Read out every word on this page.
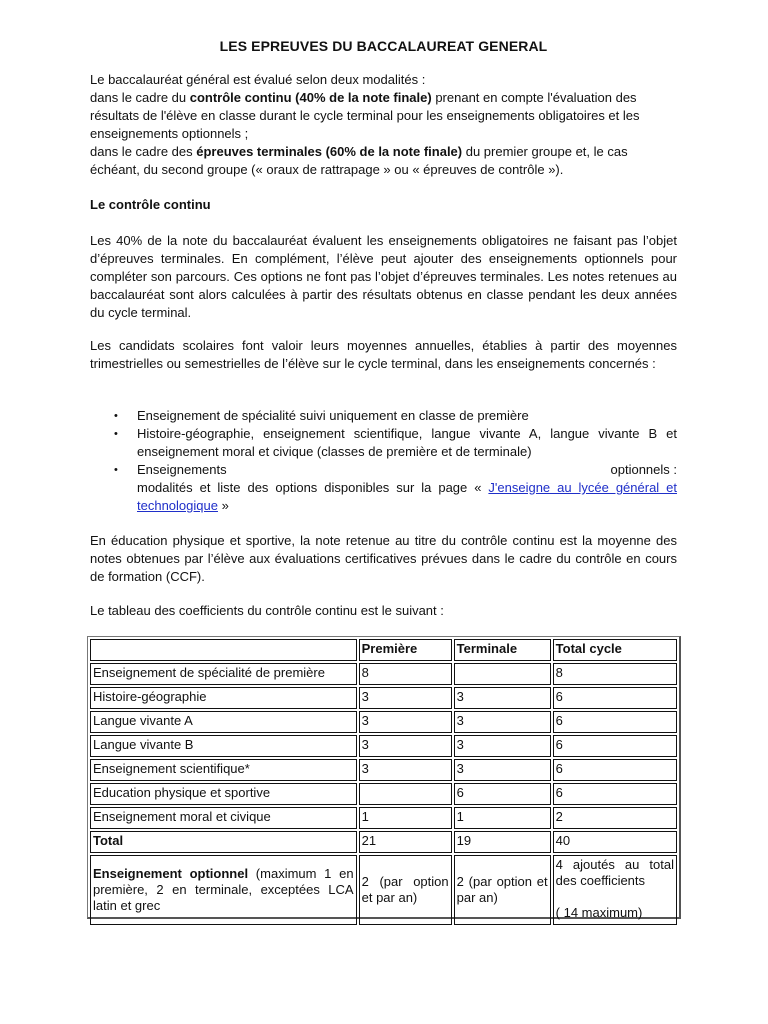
LES EPREUVES DU BACCALAUREAT GENERAL

Le baccalauréat général est évalué selon deux modalités :
dans le cadre du contrôle continu (40% de la note finale) prenant en compte l'évaluation des résultats de l'élève en classe durant le cycle terminal pour les enseignements obligatoires et les enseignements optionnels ;
dans le cadre des épreuves terminales (60% de la note finale) du premier groupe et, le cas échéant, du second groupe (« oraux de rattrapage » ou « épreuves de contrôle »).

Le contrôle continu

Les 40% de la note du baccalauréat évaluent les enseignements obligatoires ne faisant pas l’objet d’épreuves terminales. En complément, l’élève peut ajouter des enseignements optionnels pour compléter son parcours. Ces options ne font pas l’objet d’épreuves terminales. Les notes retenues au baccalauréat sont alors calculées à partir des résultats obtenus en classe pendant les deux années du cycle terminal.

Les candidats scolaires font valoir leurs moyennes annuelles, établies à partir des moyennes trimestrielles ou semestrielles de l’élève sur le cycle terminal, dans les enseignements concernés :

• Enseignement de spécialité suivi uniquement en classe de première
• Histoire-géographie, enseignement scientifique, langue vivante A, langue vivante B et enseignement moral et civique (classes de première et de terminale)
• Enseignements	optionnels :
modalités et liste des options disponibles sur la page « J'enseigne au lycée général et technologique »

En éducation physique et sportive, la note retenue au titre du contrôle continu est la moyenne des notes obtenues par l’élève aux évaluations certificatives prévues dans le cadre du contrôle en cours de formation (CCF).

Le tableau des coefficients du contrôle continu est le suivant :

	Première	Terminale	Total cycle
Enseignement de spécialité de première	8		8
Histoire-géographie	3	3	6
Langue vivante A	3	3	6
Langue vivante B	3	3	6
Enseignement scientifique*	3	3	6
Education physique et sportive		6	6
Enseignement moral et civique	1	1	2
Total	21	19	40
Enseignement optionnel (maximum 1 en première, 2 en terminale, exceptées LCA latin et grec	2 (par option et par an)	2 (par option et par an)	4 ajoutés au total des coefficients
( 14 maximum)
